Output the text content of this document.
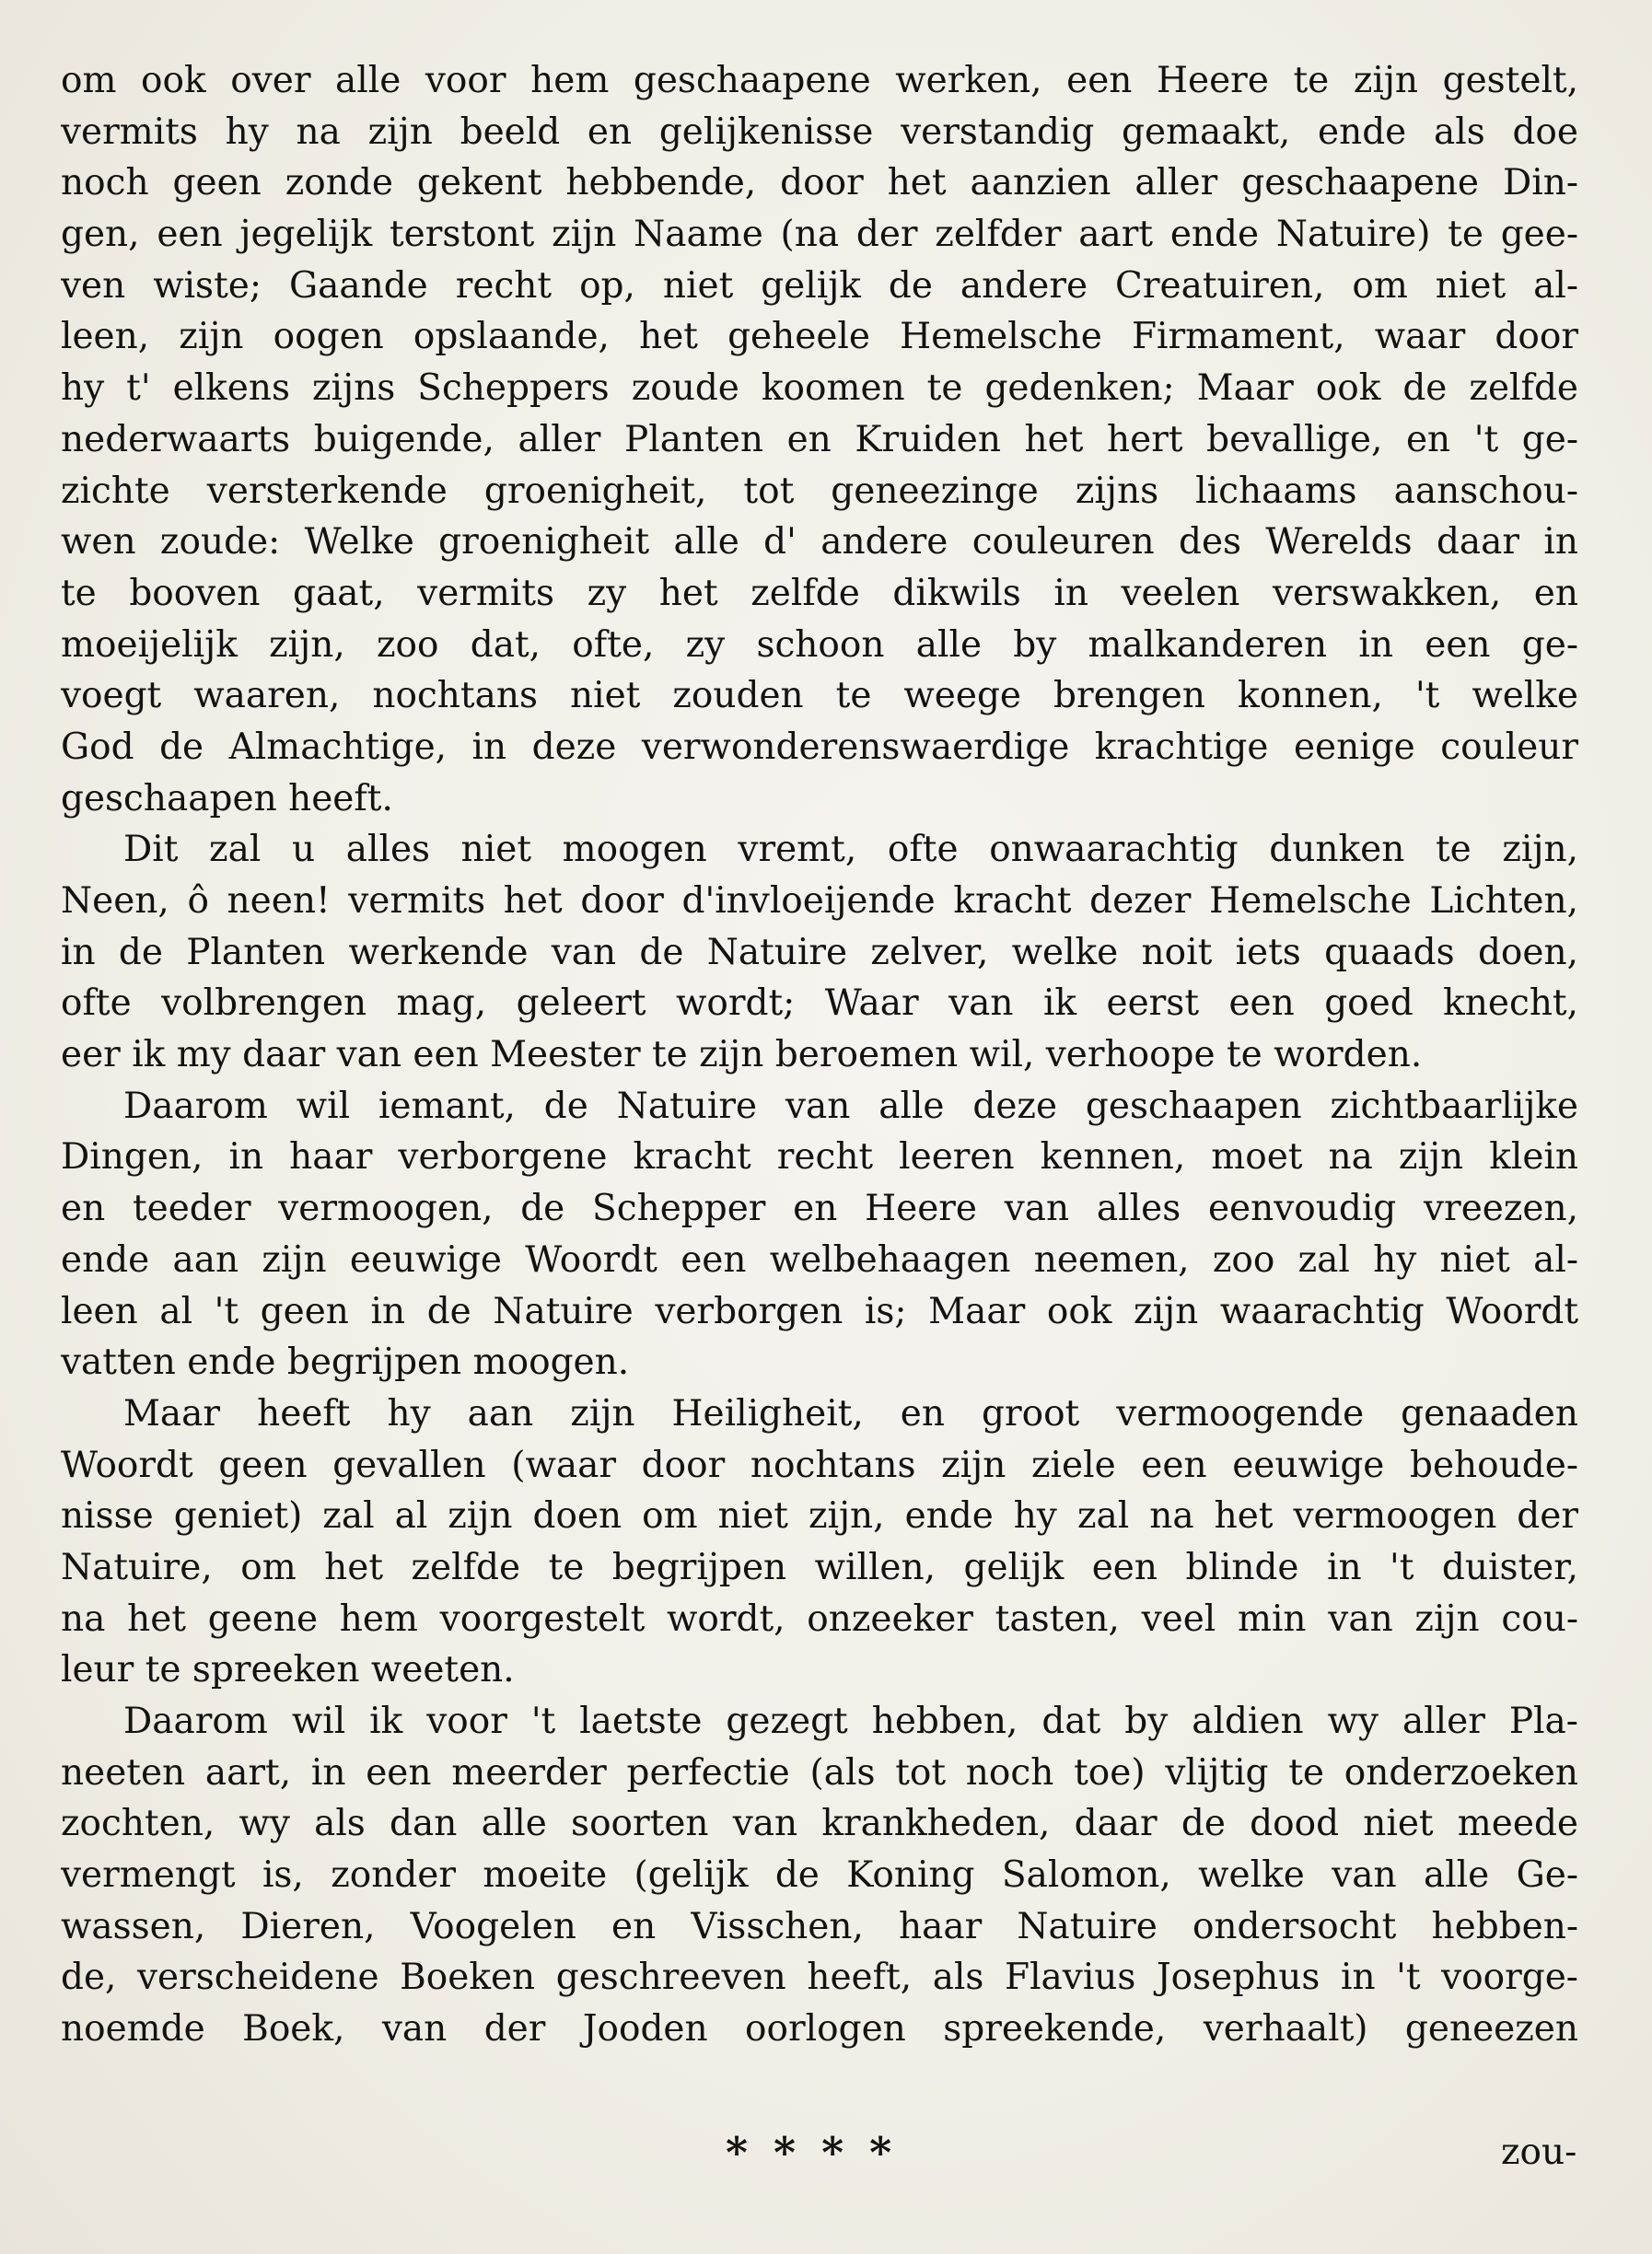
om ook over alle voor hem geschaapene werken, een Heere te zijn gestelt,
vermits hy na zijn beeld en gelijkenisse verstandig gemaakt, ende als doe
noch geen zonde gekent hebbende, door het aanzien aller geschaapene Din-
gen, een jegelijk terstont zijn Naame (na der zelfder aart ende Natuire) te gee-
ven wiste; Gaande recht op, niet gelijk de andere Creatuiren, om niet al-
leen, zijn oogen opslaande, het geheele Hemelsche Firmament, waar door
hy t' elkens zijns Scheppers zoude koomen te gedenken; Maar ook de zelfde
nederwaarts buigende, aller Planten en Kruiden het hert bevallige, en 't ge-
zichte versterkende groenigheit, tot geneezinge zijns lichaams aanschou-
wen zoude: Welke groenigheit alle d' andere couleuren des Werelds daar in
te booven gaat, vermits zy het zelfde dikwils in veelen verswakken, en
moeijelijk zijn, zoo dat, ofte, zy schoon alle by malkanderen in een ge-
voegt waaren, nochtans niet zouden te weege brengen konnen, 't welke
God de Almachtige, in deze verwonderenswaerdige krachtige eenige couleur
geschaapen heeft.
Dit zal u alles niet moogen vremt, ofte onwaarachtig dunken te zijn,
Neen, ô neen! vermits het door d'invloeijende kracht dezer Hemelsche Lichten,
in de Planten werkende van de Natuire zelver, welke noit iets quaads doen,
ofte volbrengen mag, geleert wordt; Waar van ik eerst een goed knecht,
eer ik my daar van een Meester te zijn beroemen wil, verhoope te worden.
Daarom wil iemant, de Natuire van alle deze geschaapen zichtbaarlijke
Dingen, in haar verborgene kracht recht leeren kennen, moet na zijn klein
en teeder vermoogen, de Schepper en Heere van alles eenvoudig vreezen,
ende aan zijn eeuwige Woordt een welbehaagen neemen, zoo zal hy niet al-
leen al 't geen in de Natuire verborgen is; Maar ook zijn waarachtig Woordt
vatten ende begrijpen moogen.
Maar heeft hy aan zijn Heiligheit, en groot vermoogende genaaden
Woordt geen gevallen (waar door nochtans zijn ziele een eeuwige behoude-
nisse geniet) zal al zijn doen om niet zijn, ende hy zal na het vermoogen der
Natuire, om het zelfde te begrijpen willen, gelijk een blinde in 't duister,
na het geene hem voorgestelt wordt, onzeeker tasten, veel min van zijn cou-
leur te spreeken weeten.
Daarom wil ik voor 't laetste gezegt hebben, dat by aldien wy aller Pla-
neeten aart, in een meerder perfectie (als tot noch toe) vlijtig te onderzoeken
zochten, wy als dan alle soorten van krankheden, daar de dood niet meede
vermengt is, zonder moeite (gelijk de Koning Salomon, welke van alle Ge-
wassen, Dieren, Voogelen en Visschen, haar Natuire ondersocht hebben-
de, verscheidene Boeken geschreeven heeft, als Flavius Josephus in 't voorge-
noemde Boek, van der Jooden oorlogen spreekende, verhaalt) geneezen
****	zou-
